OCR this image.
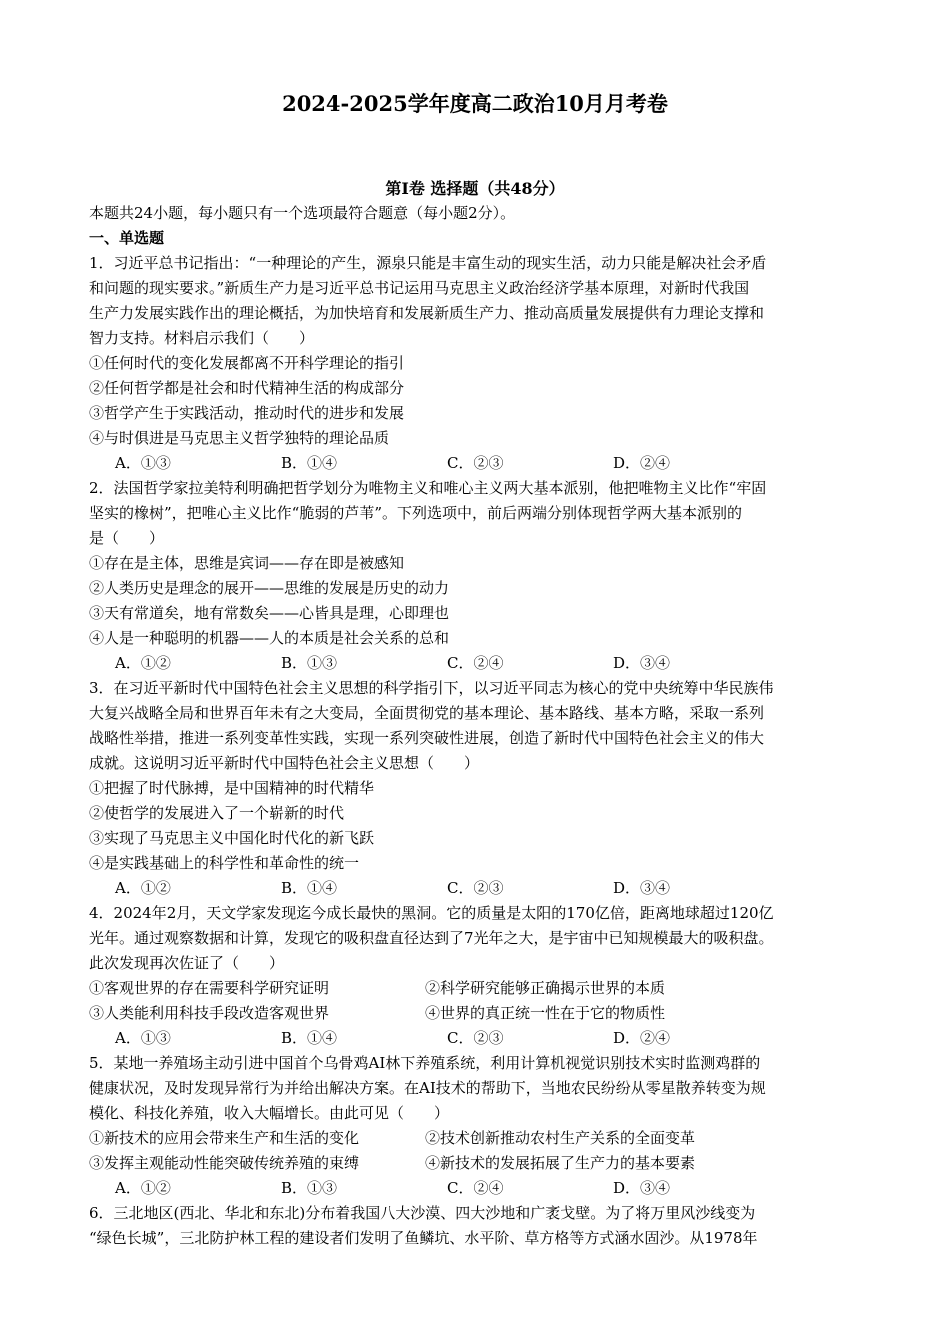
2024-2025学年度高二政治10月月考卷
第Ⅰ卷 选择题（共48分）
本题共24小题，每小题只有一个选项最符合题意（每小题2分）。
一、单选题
1．习近平总书记指出：“一种理论的产生，源泉只能是丰富生动的现实生活，动力只能是解决社会矛盾
和问题的现实要求。”新质生产力是习近平总书记运用马克思主义政治经济学基本原理，对新时代我国
生产力发展实践作出的理论概括，为加快培育和发展新质生产力、推动高质量发展提供有力理论支撑和
智力支持。材料启示我们（　　）
①任何时代的变化发展都离不开科学理论的指引
②任何哲学都是社会和时代精神生活的构成部分
③哲学产生于实践活动，推动时代的进步和发展
④与时俱进是马克思主义哲学独特的理论品质
A．①③	B．①④	C．②③	D．②④
2．法国哲学家拉美特利明确把哲学划分为唯物主义和唯心主义两大基本派别，他把唯物主义比作“牢固
坚实的橡树”，把唯心主义比作“脆弱的芦苇”。下列选项中，前后两端分别体现哲学两大基本派别的
是（　　）
①存在是主体，思维是宾词——存在即是被感知
②人类历史是理念的展开——思维的发展是历史的动力
③天有常道矣，地有常数矣——心皆具是理，心即理也
④人是一种聪明的机器——人的本质是社会关系的总和
A．①②	B．①③	C．②④	D．③④
3．在习近平新时代中国特色社会主义思想的科学指引下，以习近平同志为核心的党中央统筹中华民族伟
大复兴战略全局和世界百年未有之大变局，全面贯彻党的基本理论、基本路线、基本方略，采取一系列
战略性举措，推进一系列变革性实践，实现一系列突破性进展，创造了新时代中国特色社会主义的伟大
成就。这说明习近平新时代中国特色社会主义思想（　　）
①把握了时代脉搏，是中国精神的时代精华
②使哲学的发展进入了一个崭新的时代
③实现了马克思主义中国化时代化的新飞跃
④是实践基础上的科学性和革命性的统一
A．①②	B．①④	C．②③	D．③④
4．2024年2月，天文学家发现迄今成长最快的黑洞。它的质量是太阳的170亿倍，距离地球超过120亿
光年。通过观察数据和计算，发现它的吸积盘直径达到了7光年之大，是宇宙中已知规模最大的吸积盘。
此次发现再次佐证了（　　）
①客观世界的存在需要科学研究证明	②科学研究能够正确揭示世界的本质
③人类能利用科技手段改造客观世界	④世界的真正统一性在于它的物质性
A．①③	B．①④	C．②③	D．②④
5．某地一养殖场主动引进中国首个乌骨鸡AI林下养殖系统，利用计算机视觉识别技术实时监测鸡群的
健康状况，及时发现异常行为并给出解决方案。在AI技术的帮助下，当地农民纷纷从零星散养转变为规
模化、科技化养殖，收入大幅增长。由此可见（　　）
①新技术的应用会带来生产和生活的变化	②技术创新推动农村生产关系的全面变革
③发挥主观能动性能突破传统养殖的束缚	④新技术的发展拓展了生产力的基本要素
A．①②	B．①③	C．②④	D．③④
6．三北地区(西北、华北和东北)分布着我国八大沙漠、四大沙地和广袤戈壁。为了将万里风沙线变为
“绿色长城”，三北防护林工程的建设者们发明了鱼鳞坑、水平阶、草方格等方式涵水固沙。从1978年
